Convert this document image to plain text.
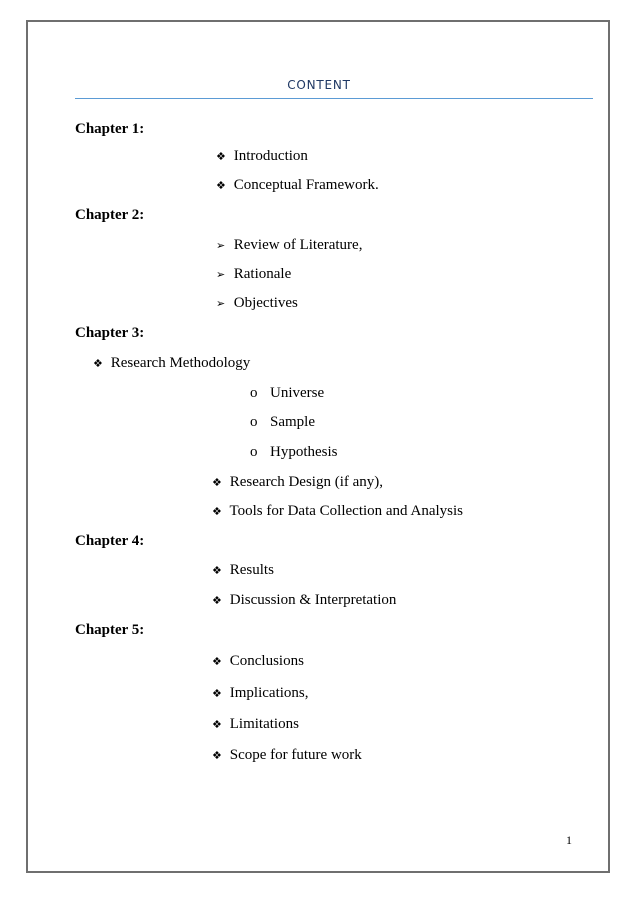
CONTENT
Chapter 1:
❖ Introduction
❖ Conceptual Framework.
Chapter 2:
➢ Review of Literature,
➢ Rationale
➢ Objectives
Chapter 3:
❖ Research Methodology
o Universe
o Sample
o Hypothesis
❖ Research Design (if any),
❖ Tools for Data Collection and Analysis
Chapter 4:
❖ Results
❖ Discussion & Interpretation
Chapter 5:
❖ Conclusions
❖ Implications,
❖ Limitations
❖ Scope for future work
1
